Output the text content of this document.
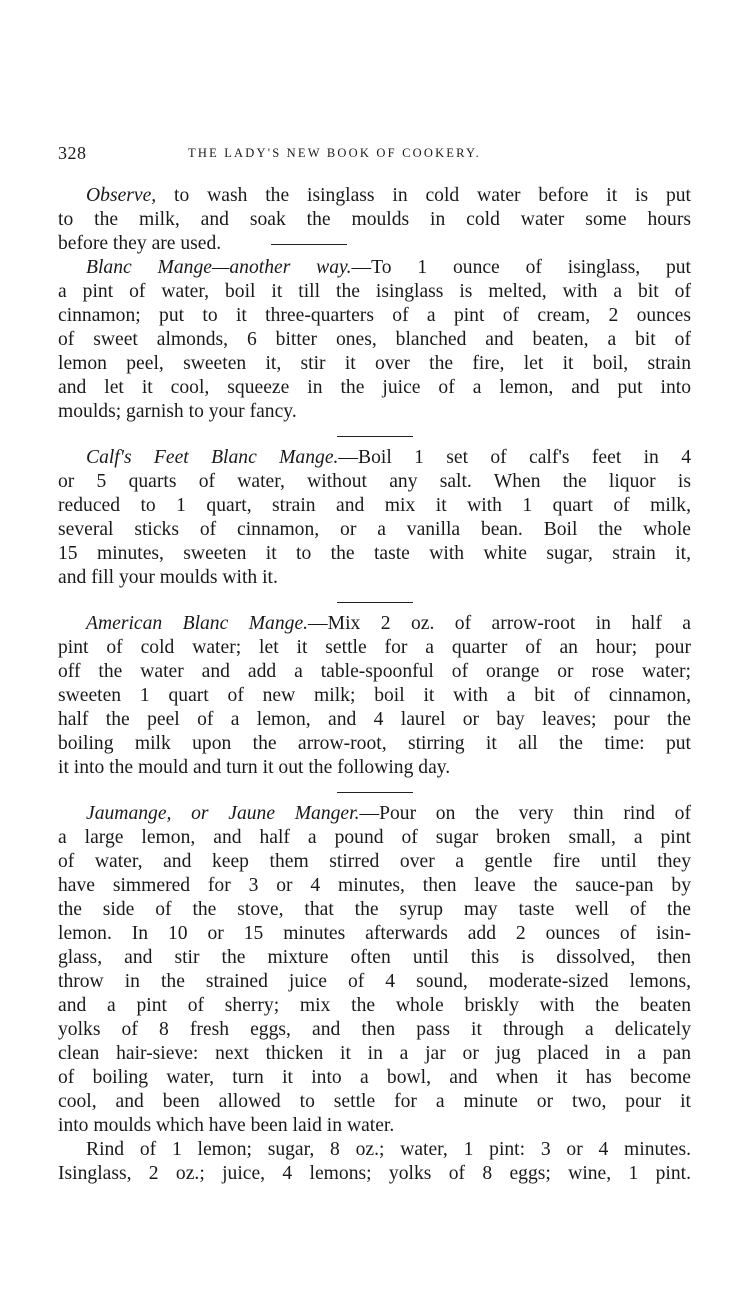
328	THE LADY'S NEW BOOK OF COOKERY.
Observe, to wash the isinglass in cold water before it is put
to the milk, and soak the moulds in cold water some hours
before they are used.
Blanc Mange—another way.—To 1 ounce of isinglass, put
a pint of water, boil it till the isinglass is melted, with a bit of
cinnamon; put to it three-quarters of a pint of cream, 2 ounces
of sweet almonds, 6 bitter ones, blanched and beaten, a bit of
lemon peel, sweeten it, stir it over the fire, let it boil, strain
and let it cool, squeeze in the juice of a lemon, and put into
moulds; garnish to your fancy.
Calf's Feet Blanc Mange.—Boil 1 set of calf's feet in 4
or 5 quarts of water, without any salt. When the liquor is
reduced to 1 quart, strain and mix it with 1 quart of milk,
several sticks of cinnamon, or a vanilla bean. Boil the whole
15 minutes, sweeten it to the taste with white sugar, strain it,
and fill your moulds with it.
American Blanc Mange.—Mix 2 oz. of arrow-root in half a
pint of cold water; let it settle for a quarter of an hour; pour
off the water and add a table-spoonful of orange or rose water;
sweeten 1 quart of new milk; boil it with a bit of cinnamon,
half the peel of a lemon, and 4 laurel or bay leaves; pour the
boiling milk upon the arrow-root, stirring it all the time: put
it into the mould and turn it out the following day.
Jaumange, or Jaune Manger.—Pour on the very thin rind of
a large lemon, and half a pound of sugar broken small, a pint
of water, and keep them stirred over a gentle fire until they
have simmered for 3 or 4 minutes, then leave the sauce-pan by
the side of the stove, that the syrup may taste well of the
lemon. In 10 or 15 minutes afterwards add 2 ounces of isin-
glass, and stir the mixture often until this is dissolved, then
throw in the strained juice of 4 sound, moderate-sized lemons,
and a pint of sherry; mix the whole briskly with the beaten
yolks of 8 fresh eggs, and then pass it through a delicately
clean hair-sieve: next thicken it in a jar or jug placed in a pan
of boiling water, turn it into a bowl, and when it has become
cool, and been allowed to settle for a minute or two, pour it
into moulds which have been laid in water.
Rind of 1 lemon; sugar, 8 oz.; water, 1 pint: 3 or 4 minutes.
Isinglass, 2 oz.; juice, 4 lemons; yolks of 8 eggs; wine, 1 pint.
